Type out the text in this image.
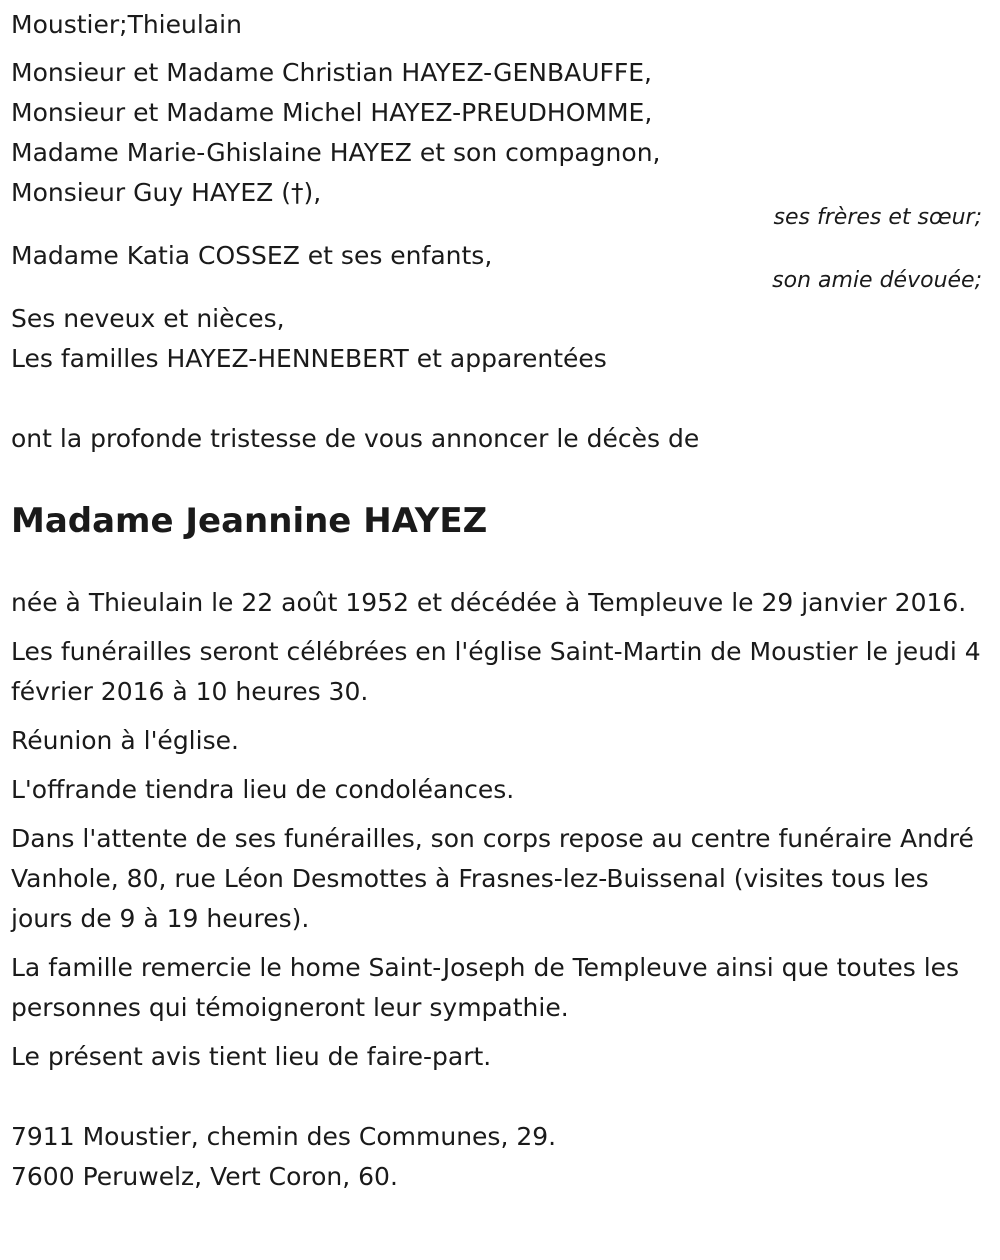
Moustier;Thieulain
Monsieur et Madame Christian HAYEZ-GENBAUFFE,
Monsieur et Madame Michel HAYEZ-PREUDHOMME,
Madame Marie-Ghislaine HAYEZ et son compagnon,
Monsieur Guy HAYEZ (†),
ses frères et sœur;
Madame Katia COSSEZ et ses enfants,
son amie dévouée;
Ses neveux et nièces,
Les familles HAYEZ-HENNEBERT et apparentées
ont la profonde tristesse de vous annoncer le décès de
Madame Jeannine HAYEZ
née à Thieulain le 22 août 1952 et décédée à Templeuve le 29 janvier 2016.
Les funérailles seront célébrées en l'église Saint-Martin de Moustier le jeudi 4 février 2016 à 10 heures 30.
Réunion à l'église.
L'offrande tiendra lieu de condoléances.
Dans l'attente de ses funérailles, son corps repose au centre funéraire André Vanhole, 80, rue Léon Desmottes à Frasnes-lez-Buissenal (visites tous les jours de 9 à 19 heures).
La famille remercie le home Saint-Joseph de Templeuve ainsi que toutes les personnes qui témoigneront leur sympathie.
Le présent avis tient lieu de faire-part.
7911 Moustier, chemin des Communes, 29.
7600 Peruwelz, Vert Coron, 60.
